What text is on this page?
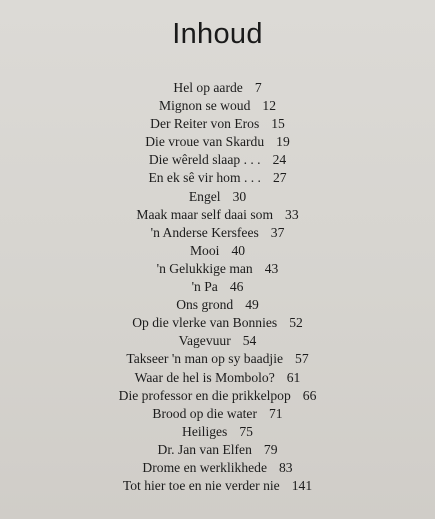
Inhoud
Hel op aarde 7
Mignon se woud 12
Der Reiter von Eros 15
Die vroue van Skardu 19
Die wêreld slaap . . . 24
En ek sê vir hom . . . 27
Engel 30
Maak maar self daai som 33
'n Anderse Kersfees 37
Mooi 40
'n Gelukkige man 43
'n Pa 46
Ons grond 49
Op die vlerke van Bonnies 52
Vagevuur 54
Takseer 'n man op sy baadjie 57
Waar de hel is Mombolo? 61
Die professor en die prikkelpop 66
Brood op die water 71
Heiliges 75
Dr. Jan van Elfen 79
Drome en werklikhede 83
Tot hier toe en nie verder nie 141
